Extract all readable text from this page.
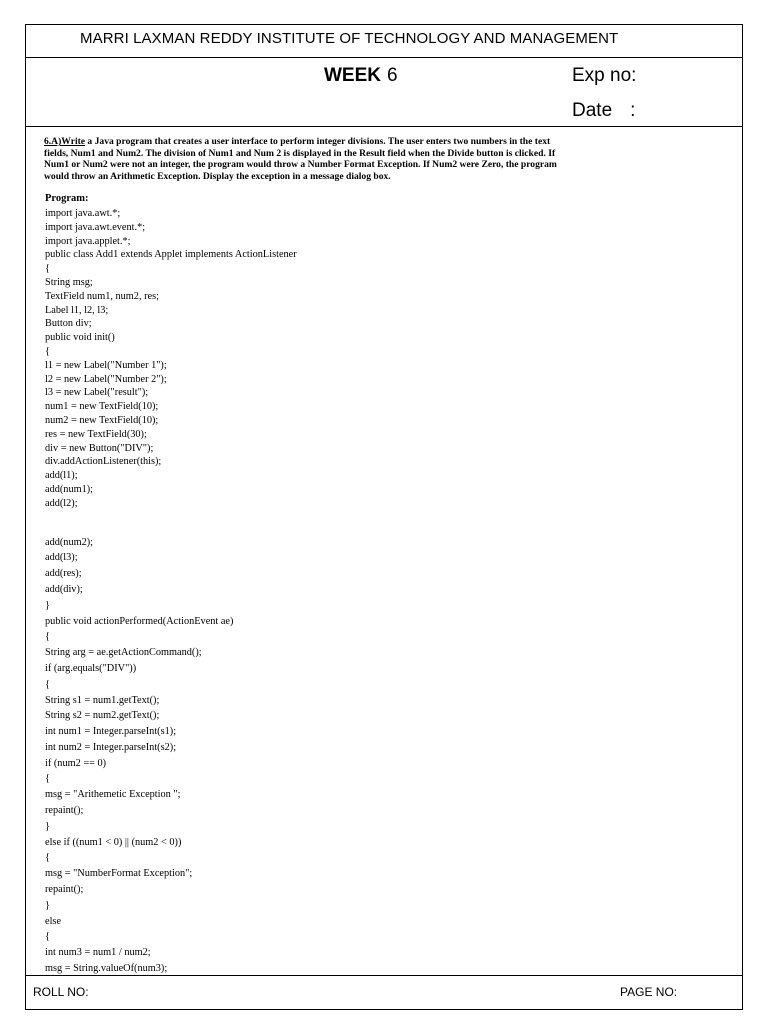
MARRI LAXMAN REDDY INSTITUTE OF TECHNOLOGY AND MANAGEMENT
WEEK 6	Exp no:
Date :

6.A)Write a Java program that creates a user interface to perform integer divisions. The user enters two numbers in the text fields, Num1 and Num2. The division of Num1 and Num 2 is displayed in the Result field when the Divide button is clicked. If Num1 or Num2 were not an integer, the program would throw a Number Format Exception. If Num2 were Zero, the program would throw an Arithmetic Exception. Display the exception in a message dialog box.

Program:
import java.awt.*;
import java.awt.event.*;
import java.applet.*;
public class Add1 extends Applet implements ActionListener
{
String msg;
TextField num1, num2, res;
Label l1, l2, l3;
Button div;
public void init()
{
l1 = new Label("Number 1");
l2 = new Label("Number 2");
l3 = new Label("result");
num1 = new TextField(10);
num2 = new TextField(10);
res = new TextField(30);
div = new Button("DIV");
div.addActionListener(this);
add(l1);
add(num1);
add(l2);
add(num2);
add(l3);
add(res);
add(div);
}
public void actionPerformed(ActionEvent ae)
{
String arg = ae.getActionCommand();
if (arg.equals("DIV"))
{
String s1 = num1.getText();
String s2 = num2.getText();
int num1 = Integer.parseInt(s1);
int num2 = Integer.parseInt(s2);
if (num2 == 0)
{
msg = "Arithemetic Exception ";
repaint();
}
else if ((num1 < 0) || (num2 < 0))
{
msg = "NumberFormat Exception";
repaint();
}
else
{
int num3 = num1 / num2;
msg = String.valueOf(num3);
ROLL NO:	PAGE NO:
